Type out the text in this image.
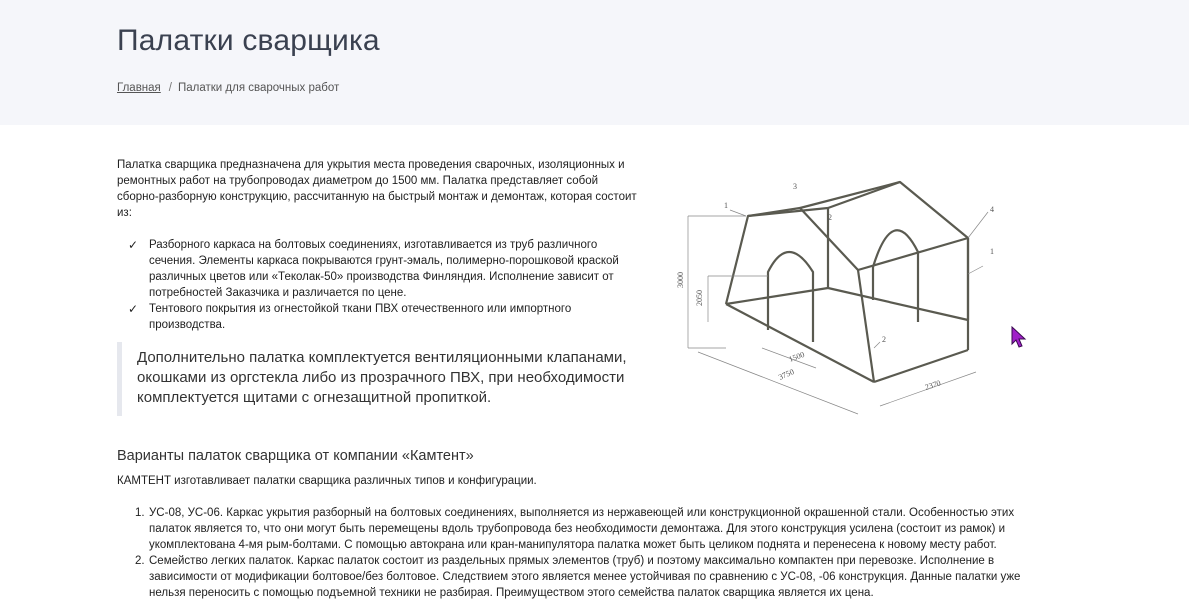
Палатки сварщика
Главная / Палатки для сварочных работ

Палатка сварщика предназначена для укрытия места проведения сварочных, изоляционных и ремонтных работ на трубопроводах диаметром до 1500 мм. Палатка представляет собой сборно-разборную конструкцию, рассчитанную на быстрый монтаж и демонтаж, которая состоит из:

✓ Разборного каркаса на болтовых соединениях, изготавливается из труб различного сечения. Элементы каркаса покрываются грунт-эмаль, полимерно-порошковой краской различных цветов или «Теколак-50» производства Финляндия. Исполнение зависит от потребностей Заказчика и различается по цене.
✓ Тентового покрытия из огнестойкой ткани ПВХ отечественного или импортного производства.
Дополнительно палатка комплектуется вентиляционными клапанами, окошками из оргстекла либо из прозрачного ПВХ, при необходимости комплектуется щитами с огнезащитной пропиткой.
1
3
2
4
1
2
3000
2050
1500
3750
2370
Варианты палаток сварщика от компании «Камтент»

КАМТЕНТ изготавливает палатки сварщика различных типов и конфигурации.

1. УС-08, УС-06. Каркас укрытия разборный на болтовых соединениях, выполняется из нержавеющей или конструкционной окрашенной стали. Особенностью этих палаток является то, что они могут быть перемещены вдоль трубопровода без необходимости демонтажа. Для этого конструкция усилена (состоит из рамок) и укомплектована 4-мя рым-болтами. С помощью автокрана или кран-манипулятора палатка может быть целиком поднята и перенесена к новому месту работ.
2. Семейство легких палаток. Каркас палаток состоит из раздельных прямых элементов (труб) и поэтому максимально компактен при перевозке. Исполнение в зависимости от модификации болтовое/без болтовое. Следствием этого является менее устойчивая по сравнению с УС-08, -06 конструкция. Данные палатки уже нельзя переносить с помощью подъемной техники не разбирая. Преимуществом этого семейства палаток сварщика является их цена.
